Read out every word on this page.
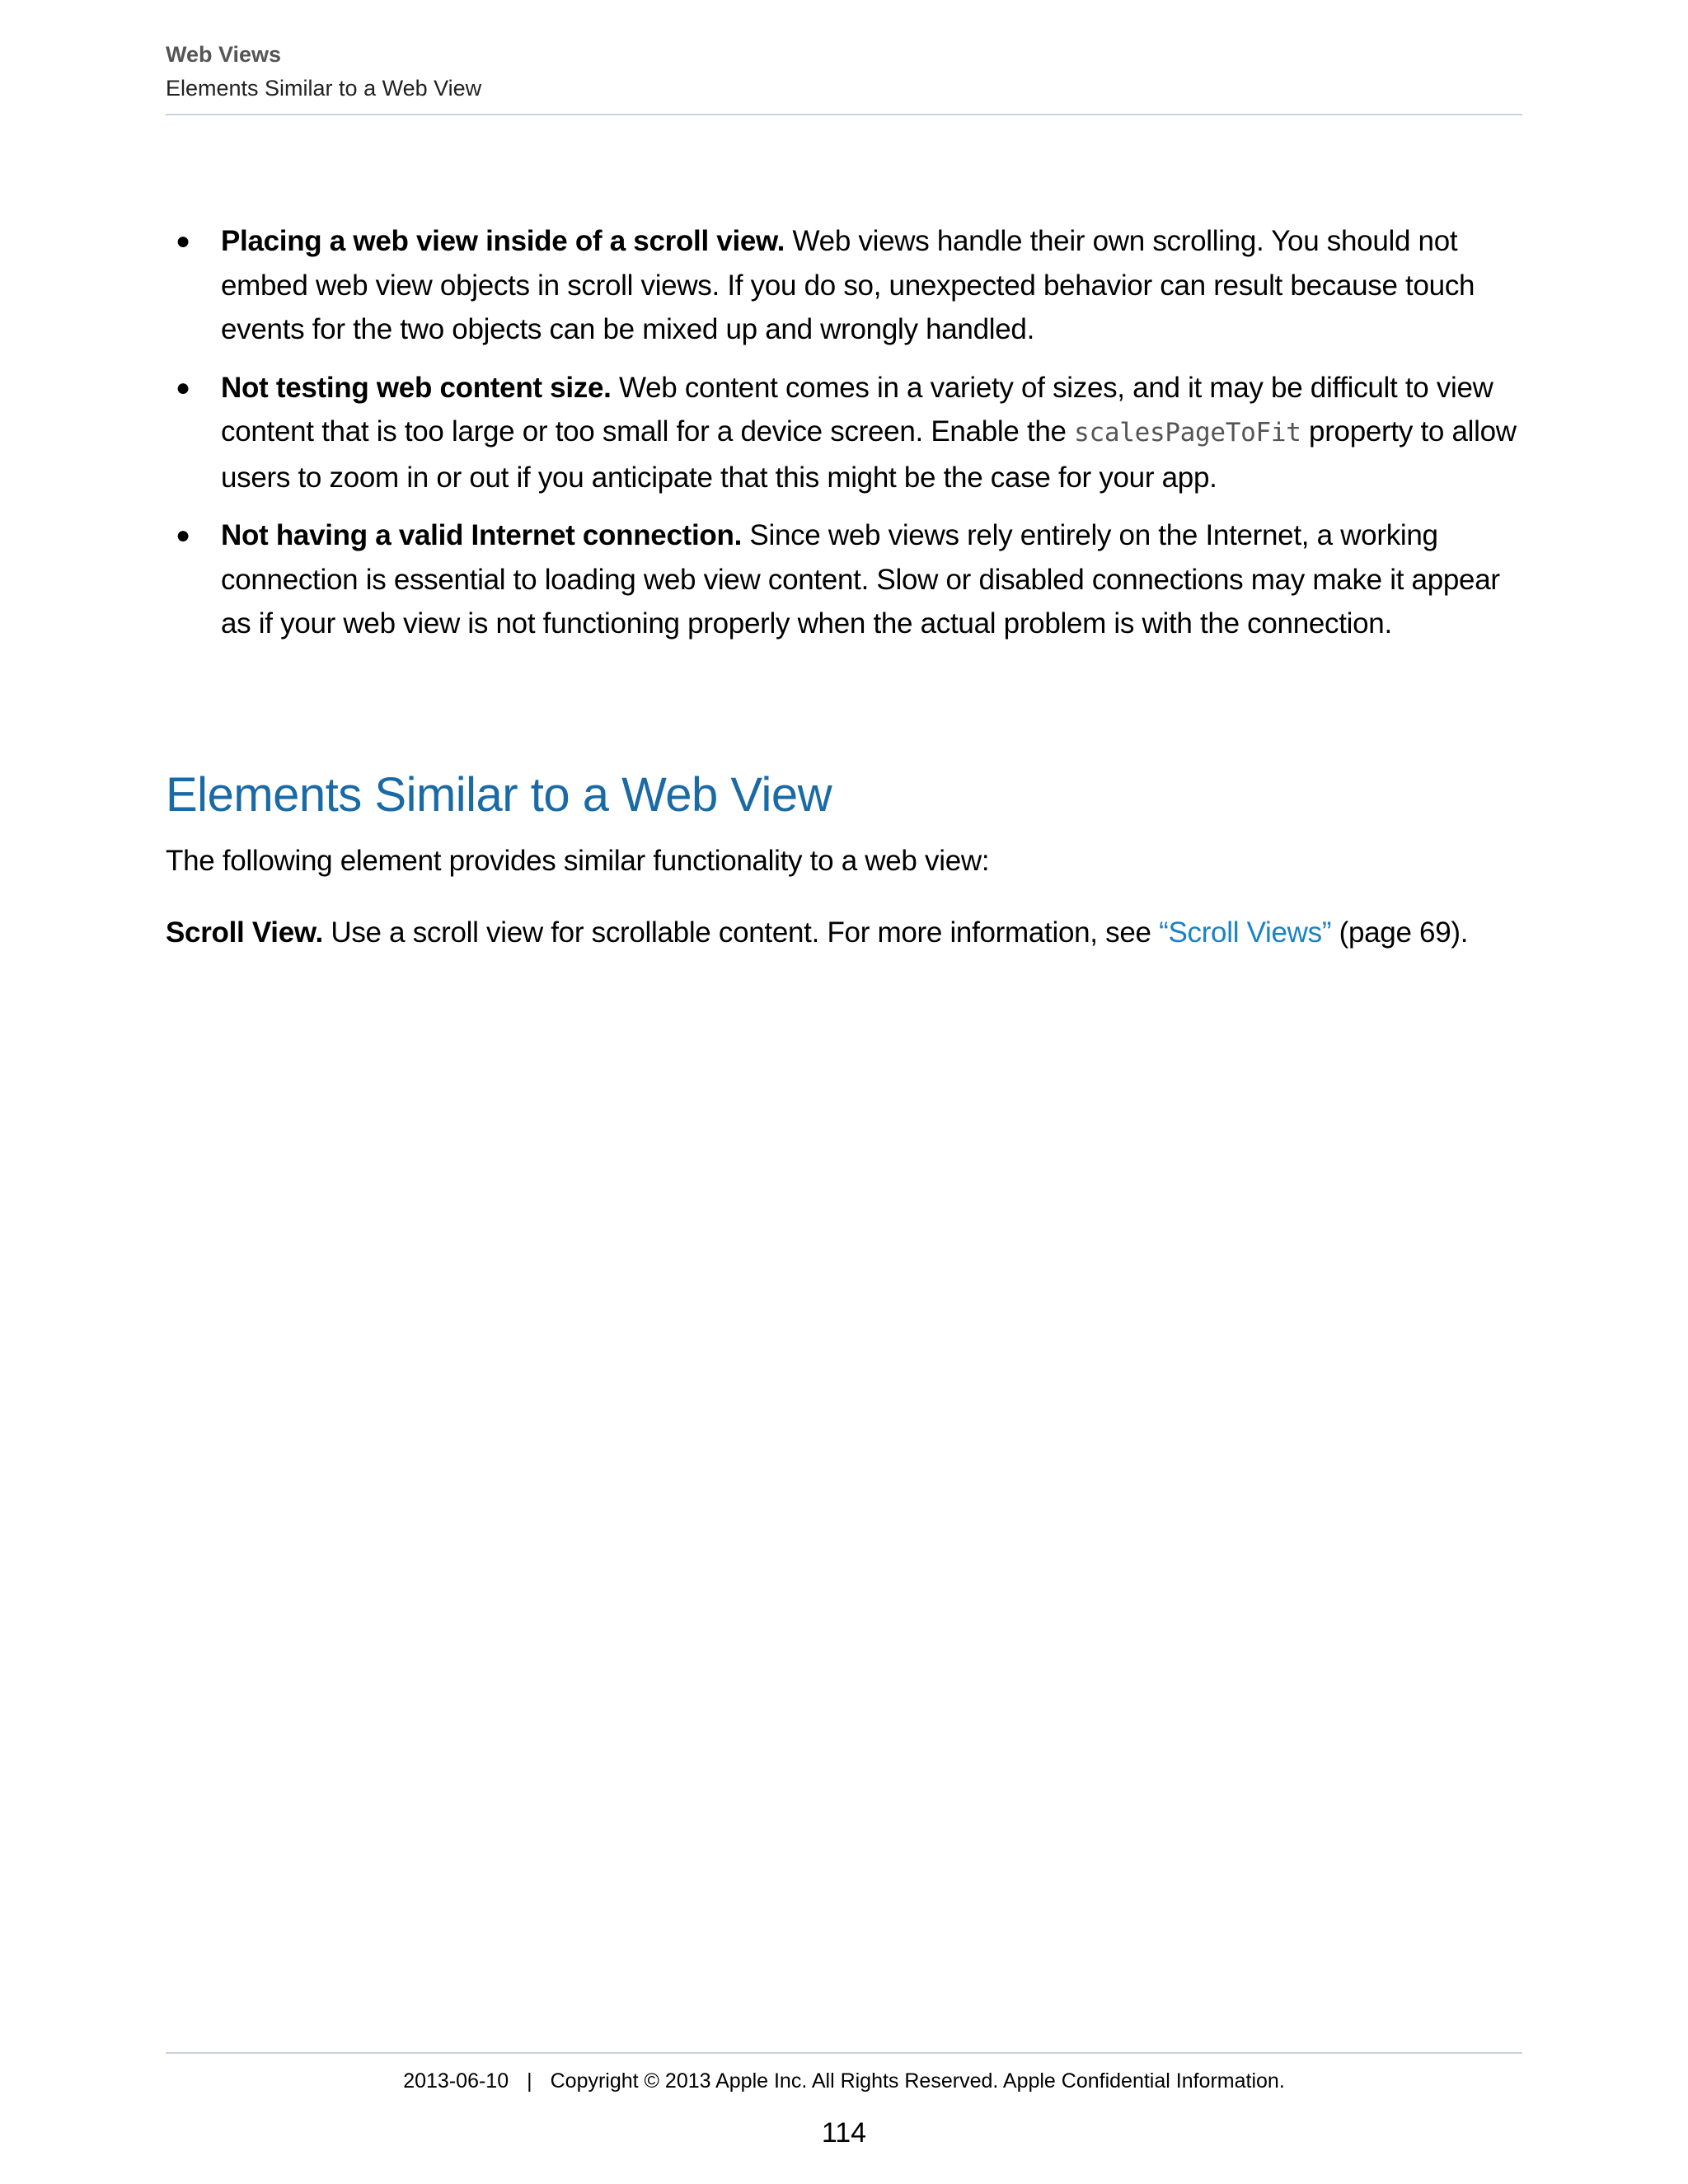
Web Views
Elements Similar to a Web View
● Placing a web view inside of a scroll view. Web views handle their own scrolling. You should not embed web view objects in scroll views. If you do so, unexpected behavior can result because touch events for the two objects can be mixed up and wrongly handled.
● Not testing web content size. Web content comes in a variety of sizes, and it may be difficult to view content that is too large or too small for a device screen. Enable the scalesPageToFit property to allow users to zoom in or out if you anticipate that this might be the case for your app.
● Not having a valid Internet connection. Since web views rely entirely on the Internet, a working connection is essential to loading web view content. Slow or disabled connections may make it appear as if your web view is not functioning properly when the actual problem is with the connection.
Elements Similar to a Web View

The following element provides similar functionality to a web view:

Scroll View. Use a scroll view for scrollable content. For more information, see “Scroll Views” (page 69).

2013-06-10 | Copyright © 2013 Apple Inc. All Rights Reserved. Apple Confidential Information.
114
